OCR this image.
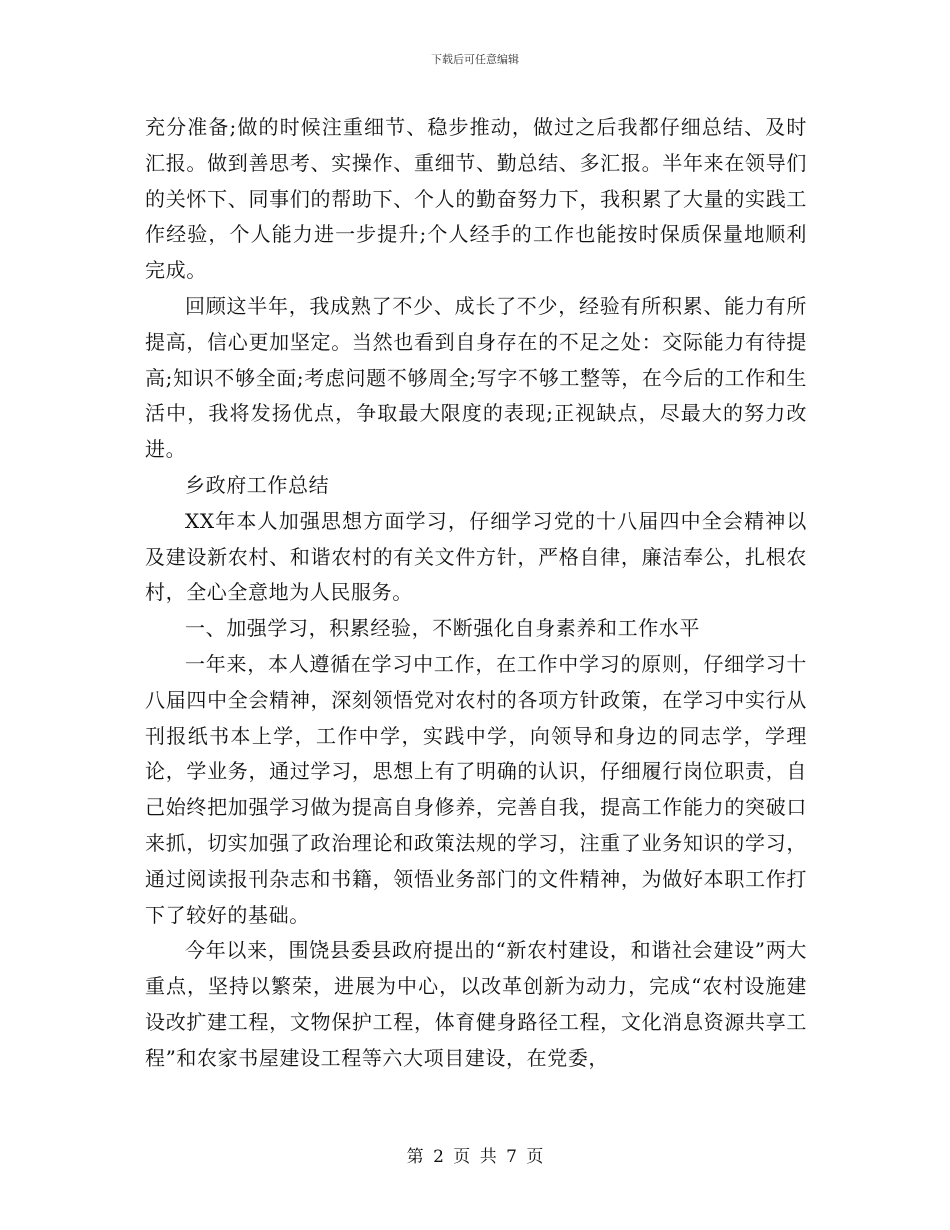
下载后可任意编辑

充分准备;做的时候注重细节、稳步推动，做过之后我都仔细总结、及时汇报。做到善思考、实操作、重细节、勤总结、多汇报。半年来在领导们的关怀下、同事们的帮助下、个人的勤奋努力下，我积累了大量的实践工作经验，个人能力进一步提升;个人经手的工作也能按时保质保量地顺利完成。

回顾这半年，我成熟了不少、成长了不少，经验有所积累、能力有所提高，信心更加坚定。当然也看到自身存在的不足之处：交际能力有待提高;知识不够全面;考虑问题不够周全;写字不够工整等，在今后的工作和生活中，我将发扬优点，争取最大限度的表现;正视缺点，尽最大的努力改进。

乡政府工作总结

XX年本人加强思想方面学习，仔细学习党的十八届四中全会精神以及建设新农村、和谐农村的有关文件方针，严格自律，廉洁奉公，扎根农村，全心全意地为人民服务。

一、加强学习，积累经验，不断强化自身素养和工作水平

一年来，本人遵循在学习中工作，在工作中学习的原则，仔细学习十八届四中全会精神，深刻领悟党对农村的各项方针政策，在学习中实行从刊报纸书本上学，工作中学，实践中学，向领导和身边的同志学，学理论，学业务，通过学习，思想上有了明确的认识，仔细履行岗位职责，自己始终把加强学习做为提高自身修养，完善自我，提高工作能力的突破口来抓，切实加强了政治理论和政策法规的学习，注重了业务知识的学习，通过阅读报刊杂志和书籍，领悟业务部门的文件精神，为做好本职工作打下了较好的基础。

今年以来，围饶县委县政府提出的“新农村建设，和谐社会建设”两大重点，坚持以繁荣，进展为中心，以改革创新为动力，完成“农村设施建设改扩建工程，文物保护工程，体育健身路径工程，文化消息资源共享工程”和农家书屋建设工程等六大项目建设，在党委，

第 2 页 共 7 页
